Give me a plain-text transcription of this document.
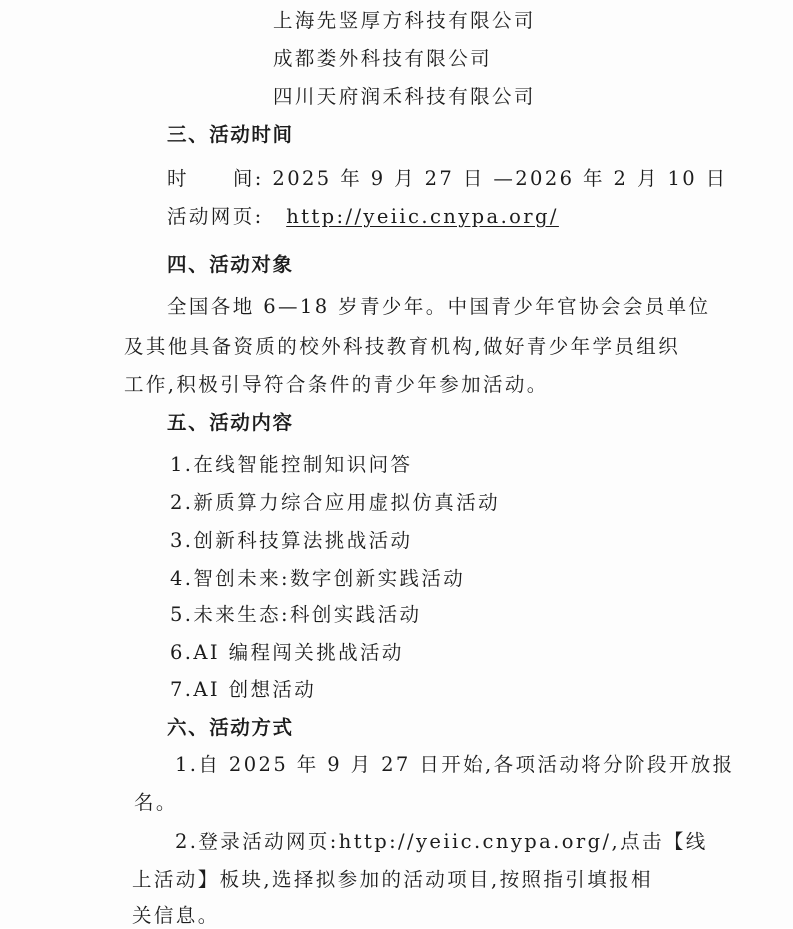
上海先竖厚方科技有限公司
成都娄外科技有限公司
四川天府润禾科技有限公司
三、活动时间
时 间: 2025 年 9 月 27 日 —2026 年 2 月 10 日
活动网页: http://yeiic.cnypa.org/
四、活动对象
全国各地 6—18 岁青少年。中国青少年官协会会员单位
及其他具备资质的校外科技教育机构,做好青少年学员组织
工作,积极引导符合条件的青少年参加活动。
五、活动内容
1.在线智能控制知识问答
2.新质算力综合应用虚拟仿真活动
3.创新科技算法挑战活动
4.智创未来:数字创新实践活动
5.未来生态:科创实践活动
6.AI 编程闯关挑战活动
7.AI 创想活动
六、活动方式
1.自 2025 年 9 月 27 日开始,各项活动将分阶段开放报
名。
2.登录活动网页:http://yeiic.cnypa.org/,点击【线
上活动】板块,选择拟参加的活动项目,按照指引填报相
关信息。
